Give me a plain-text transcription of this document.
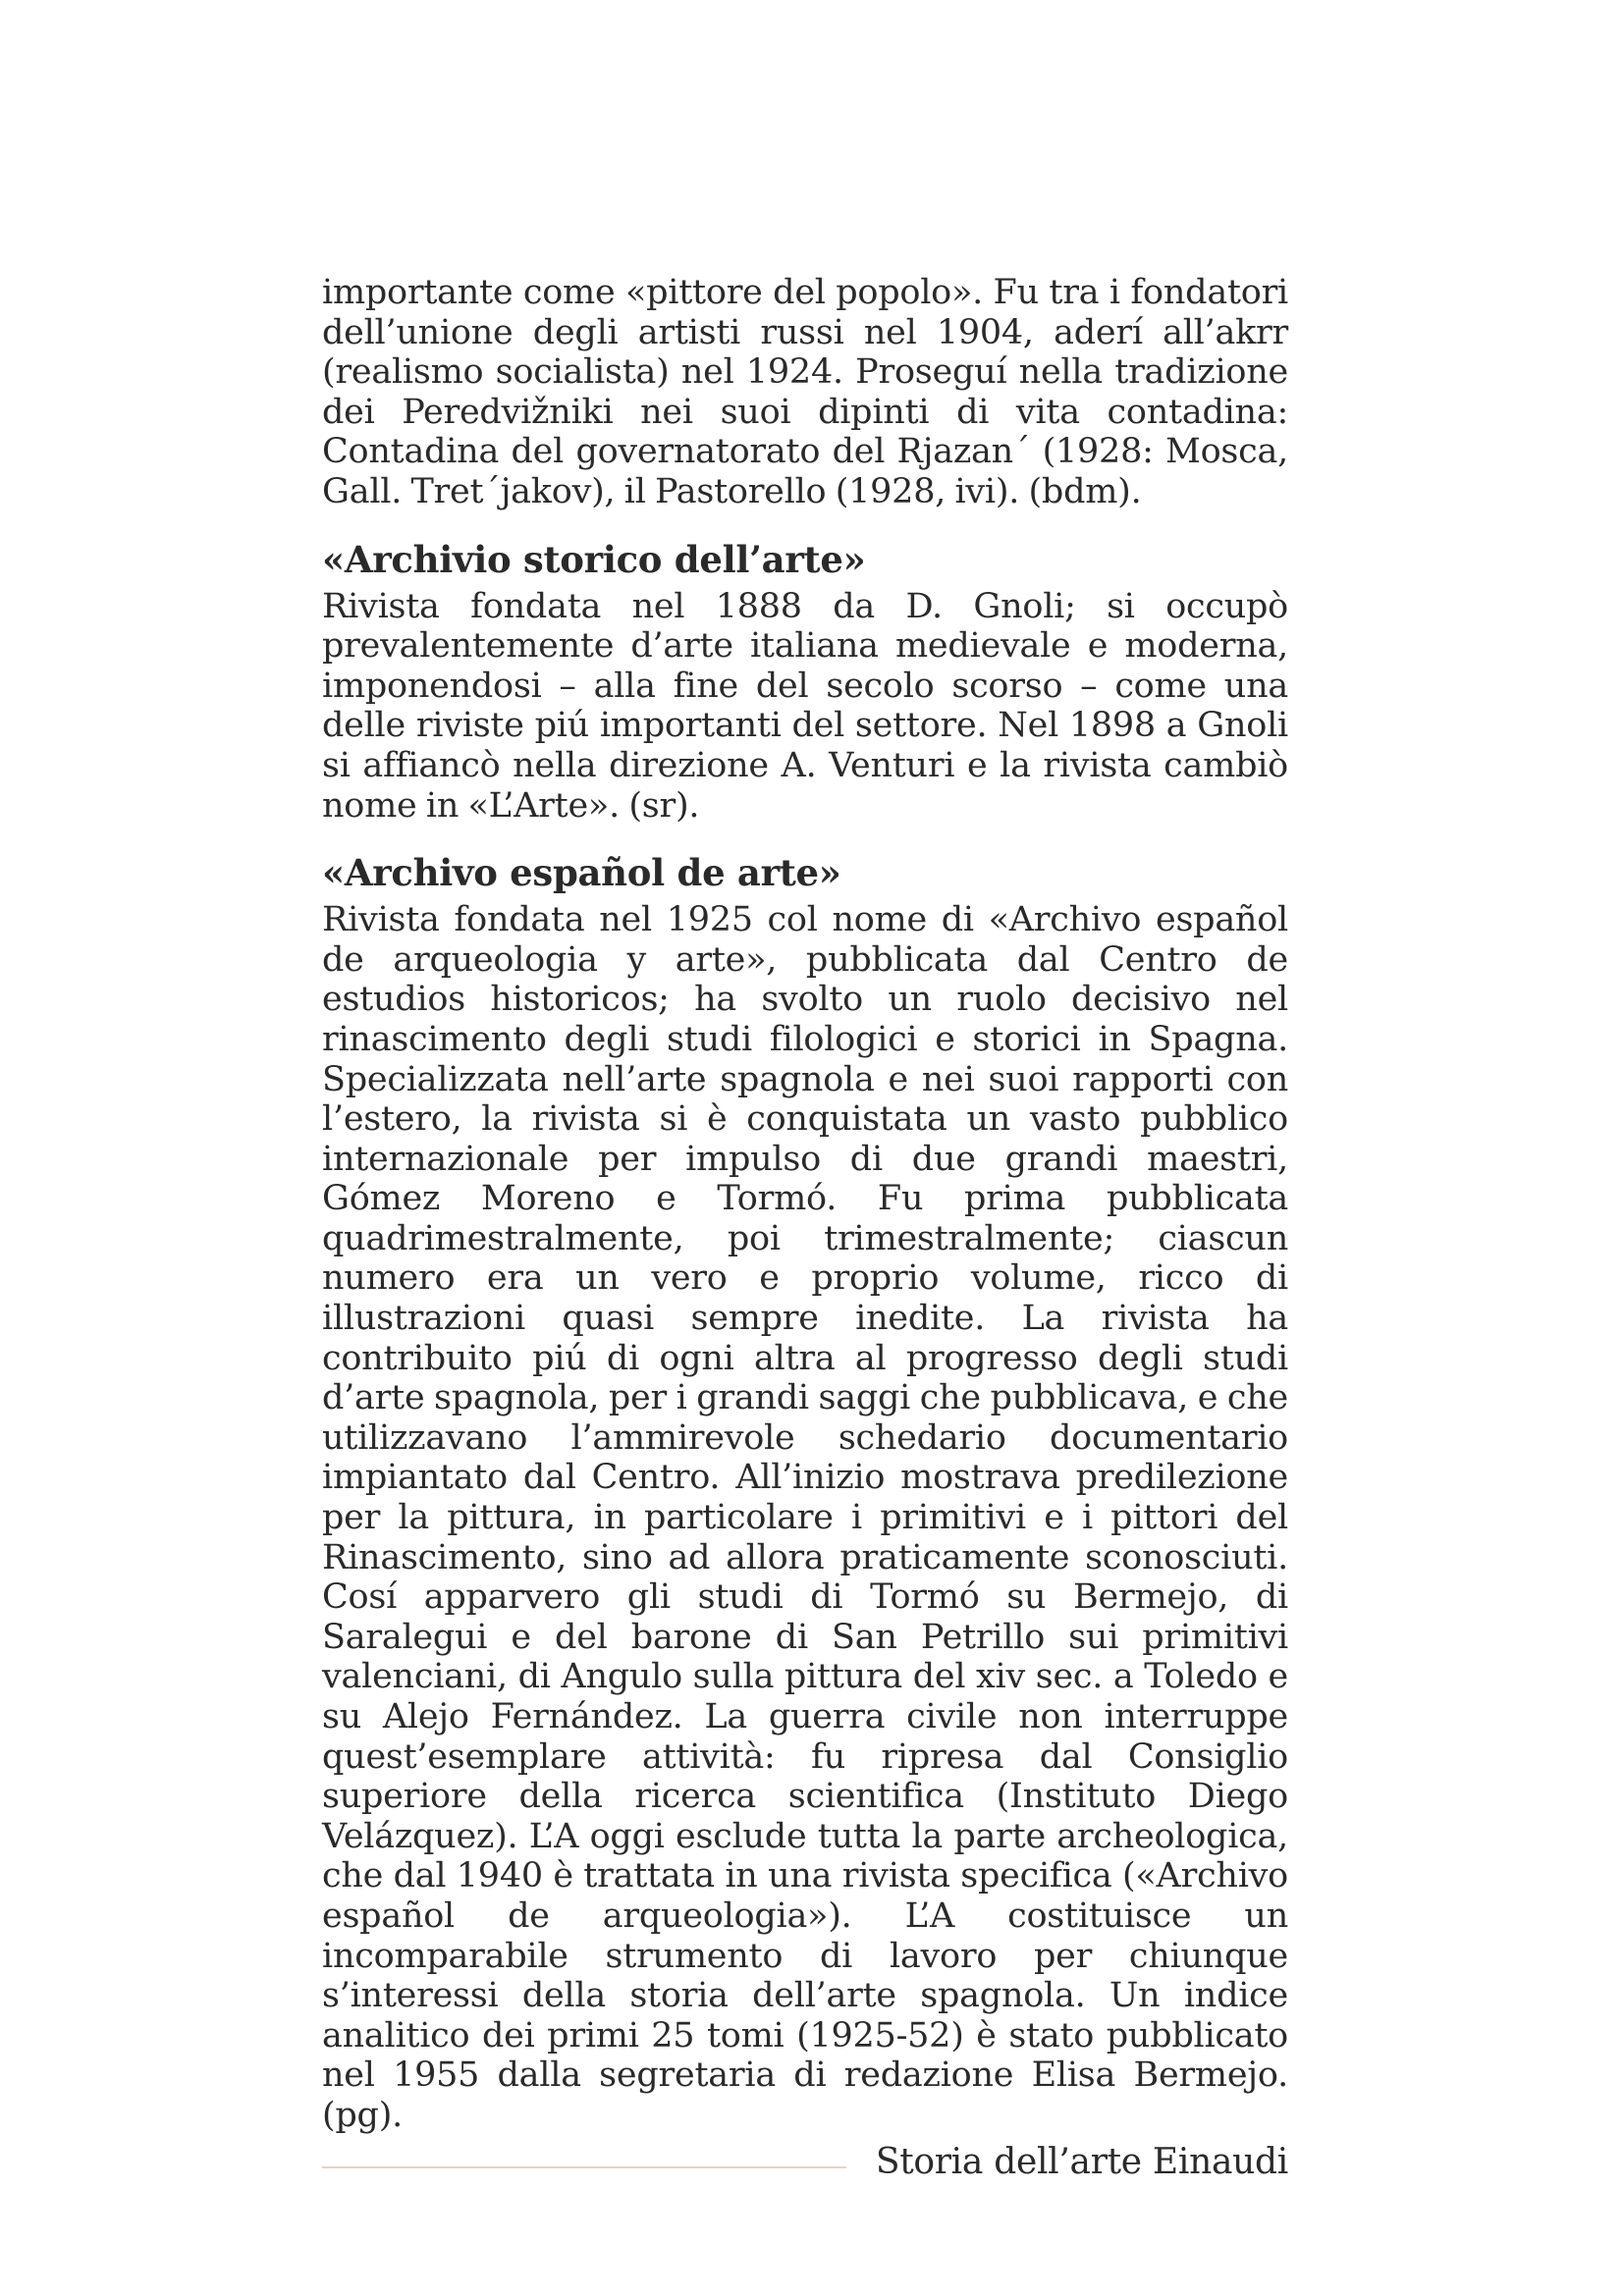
importante come «pittore del popolo». Fu tra i fondatori dell’unione degli artisti russi nel 1904, aderí all’akrr (realismo socialista) nel 1924. Proseguí nella tradizione dei Peredvižniki nei suoi dipinti di vita contadina: Contadina del governatorato del Rjazan´ (1928: Mosca, Gall. Tret´jakov), il Pastorello (1928, ivi). (bdm).

«Archivio storico dell’arte»

Rivista fondata nel 1888 da D. Gnoli; si occupò prevalentemente d’arte italiana medievale e moderna, imponendosi – alla fine del secolo scorso – come una delle riviste piú importanti del settore. Nel 1898 a Gnoli si affiancò nella direzione A. Venturi e la rivista cambiò nome in «L’Arte». (sr).

«Archivo español de arte»

Rivista fondata nel 1925 col nome di «Archivo español de arqueologia y arte», pubblicata dal Centro de estudios historicos; ha svolto un ruolo decisivo nel rinascimento degli studi filologici e storici in Spagna. Specializzata nell’arte spagnola e nei suoi rapporti con l’estero, la rivista si è conquistata un vasto pubblico internazionale per impulso di due grandi maestri, Gómez Moreno e Tormó. Fu prima pubblicata quadrimestralmente, poi trimestralmente; ciascun numero era un vero e proprio volume, ricco di illustrazioni quasi sempre inedite. La rivista ha contribuito piú di ogni altra al progresso degli studi d’arte spagnola, per i grandi saggi che pubblicava, e che utilizzavano l’ammirevole schedario documentario impiantato dal Centro. All’inizio mostrava predilezione per la pittura, in particolare i primitivi e i pittori del Rinascimento, sino ad allora praticamente sconosciuti. Cosí apparvero gli studi di Tormó su Bermejo, di Saralegui e del barone di San Petrillo sui primitivi valenciani, di Angulo sulla pittura del xiv sec. a Toledo e su Alejo Fernández. La guerra civile non interruppe quest’esemplare attività: fu ripresa dal Consiglio superiore della ricerca scientifica (Instituto Diego Velázquez). L’A oggi esclude tutta la parte archeologica, che dal 1940 è trattata in una rivista specifica («Archivo español de arqueologia»). L’A costituisce un incomparabile strumento di lavoro per chiunque s’interessi della storia dell’arte spagnola. Un indice analitico dei primi 25 tomi (1925-52) è stato pubblicato nel 1955 dalla segretaria di redazione Elisa Bermejo. (pg).

Storia dell’arte Einaudi
